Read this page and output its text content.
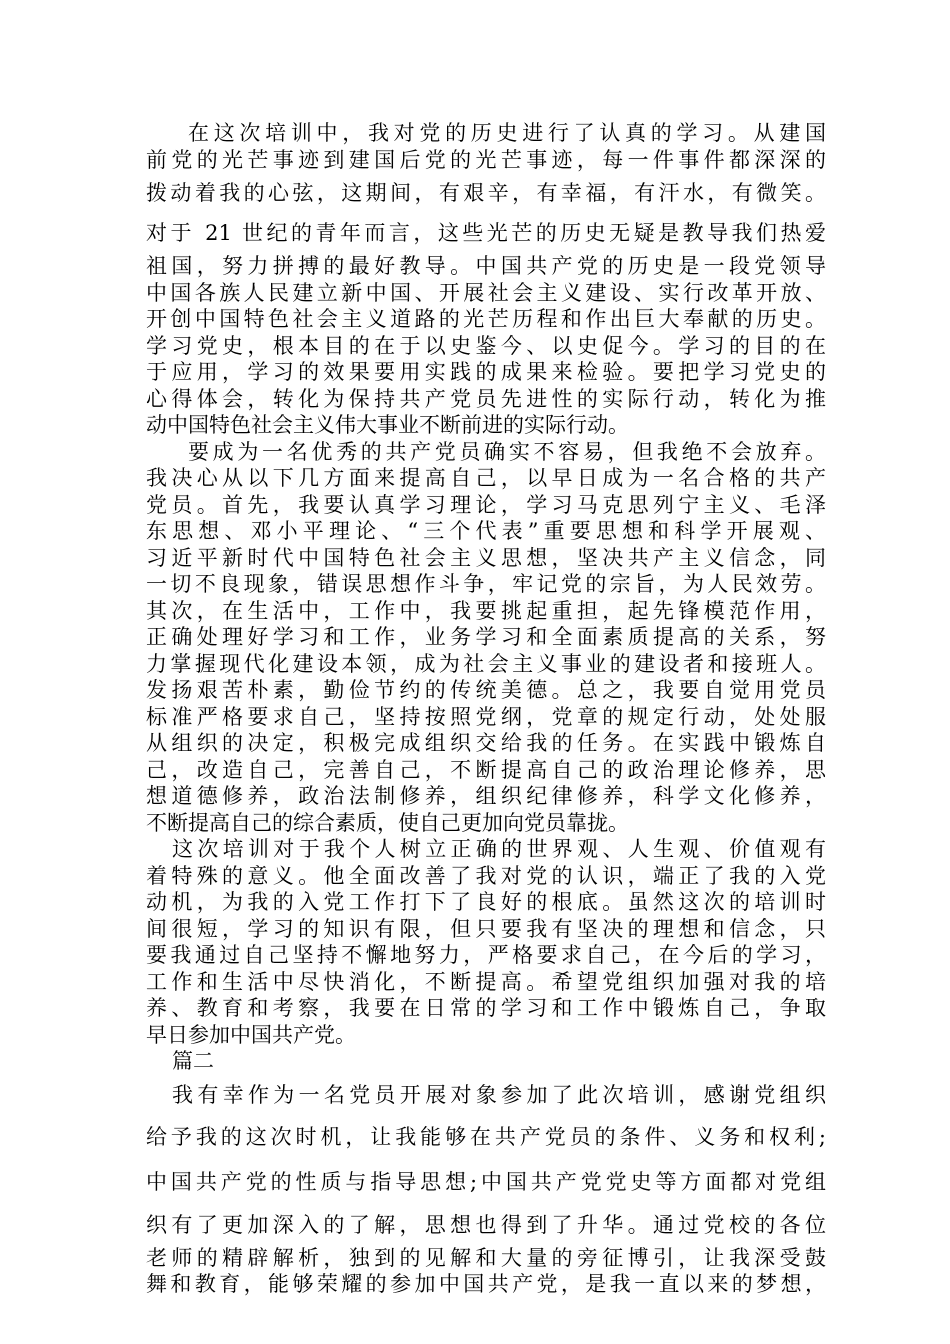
在这次培训中，我对党的历史进行了认真的学习。从建国
前党的光芒事迹到建国后党的光芒事迹，每一件事件都深深的
拨动着我的心弦，这期间，有艰辛，有幸福，有汗水，有微笑。
对于 21 世纪的青年而言，这些光芒的历史无疑是教导我们热爱
祖国，努力拼搏的最好教导。中国共产党的历史是一段党领导
中国各族人民建立新中国、开展社会主义建设、实行改革开放、
开创中国特色社会主义道路的光芒历程和作出巨大奉献的历史。
学习党史，根本目的在于以史鉴今、以史促今。学习的目的在
于应用，学习的效果要用实践的成果来检验。要把学习党史的
心得体会，转化为保持共产党员先进性的实际行动，转化为推
动中国特色社会主义伟大事业不断前进的实际行动。
要成为一名优秀的共产党员确实不容易，但我绝不会放弃。
我决心从以下几方面来提高自己，以早日成为一名合格的共产
党员。首先，我要认真学习理论，学习马克思列宁主义、毛泽
东思想、邓小平理论、“三个代表”重要思想和科学开展观、
习近平新时代中国特色社会主义思想，坚决共产主义信念，同
一切不良现象，错误思想作斗争，牢记党的宗旨，为人民效劳。
其次，在生活中，工作中，我要挑起重担，起先锋模范作用，
正确处理好学习和工作，业务学习和全面素质提高的关系，努
力掌握现代化建设本领，成为社会主义事业的建设者和接班人。
发扬艰苦朴素，勤俭节约的传统美德。总之，我要自觉用党员
标准严格要求自己，坚持按照党纲，党章的规定行动，处处服
从组织的决定，积极完成组织交给我的任务。在实践中锻炼自
己，改造自己，完善自己，不断提高自己的政治理论修养，思
想道德修养，政治法制修养，组织纪律修养，科学文化修养，
不断提高自己的综合素质，使自己更加向党员靠拢。
这次培训对于我个人树立正确的世界观、人生观、价值观有
着特殊的意义。他全面改善了我对党的认识，端正了我的入党
动机，为我的入党工作打下了良好的根底。虽然这次的培训时
间很短，学习的知识有限，但只要我有坚决的理想和信念，只
要我通过自己坚持不懈地努力，严格要求自己，在今后的学习，
工作和生活中尽快消化，不断提高。希望党组织加强对我的培
养、教育和考察，我要在日常的学习和工作中锻炼自己，争取
早日参加中国共产党。
篇二
我有幸作为一名党员开展对象参加了此次培训，感谢党组织
给予我的这次时机，让我能够在共产党员的条件、义务和权利;
中国共产党的性质与指导思想;中国共产党党史等方面都对党组
织有了更加深入的了解，思想也得到了升华。通过党校的各位
老师的精辟解析，独到的见解和大量的旁征博引，让我深受鼓
舞和教育，能够荣耀的参加中国共产党，是我一直以来的梦想，
